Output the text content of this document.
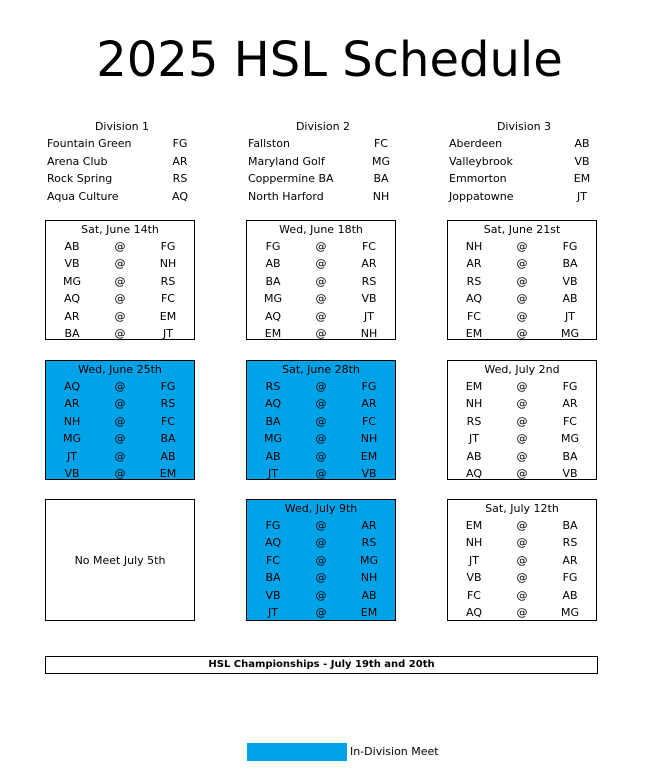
2025 HSL Schedule
Division 1
Fountain Green	FG
Arena Club	AR
Rock Spring	RS
Aqua Culture	AQ
Division 2
Fallston	FC
Maryland Golf	MG
Coppermine BA	BA
North Harford	NH
Division 3
Aberdeen	AB
Valleybrook	VB
Emmorton	EM
Joppatowne	JT
Sat, June 14th
AB	@	FG
VB	@	NH
MG	@	RS
AQ	@	FC
AR	@	EM
BA	@	JT
Wed, June 18th
FG	@	FC
AB	@	AR
BA	@	RS
MG	@	VB
AQ	@	JT
EM	@	NH
Sat, June 21st
NH	@	FG
AR	@	BA
RS	@	VB
AQ	@	AB
FC	@	JT
EM	@	MG
Wed, June 25th
AQ	@	FG
AR	@	RS
NH	@	FC
MG	@	BA
JT	@	AB
VB	@	EM
Sat, June 28th
RS	@	FG
AQ	@	AR
BA	@	FC
MG	@	NH
AB	@	EM
JT	@	VB
Wed, July 2nd
EM	@	FG
NH	@	AR
RS	@	FC
JT	@	MG
AB	@	BA
AQ	@	VB
Wed, July 9th
FG	@	AR
AQ	@	RS
FC	@	MG
BA	@	NH
VB	@	AB
JT	@	EM
Sat, July 12th
EM	@	BA
NH	@	RS
JT	@	AR
VB	@	FG
FC	@	AB
AQ	@	MG
No Meet July 5th
HSL Championships - July 19th and 20th
In-Division Meet
